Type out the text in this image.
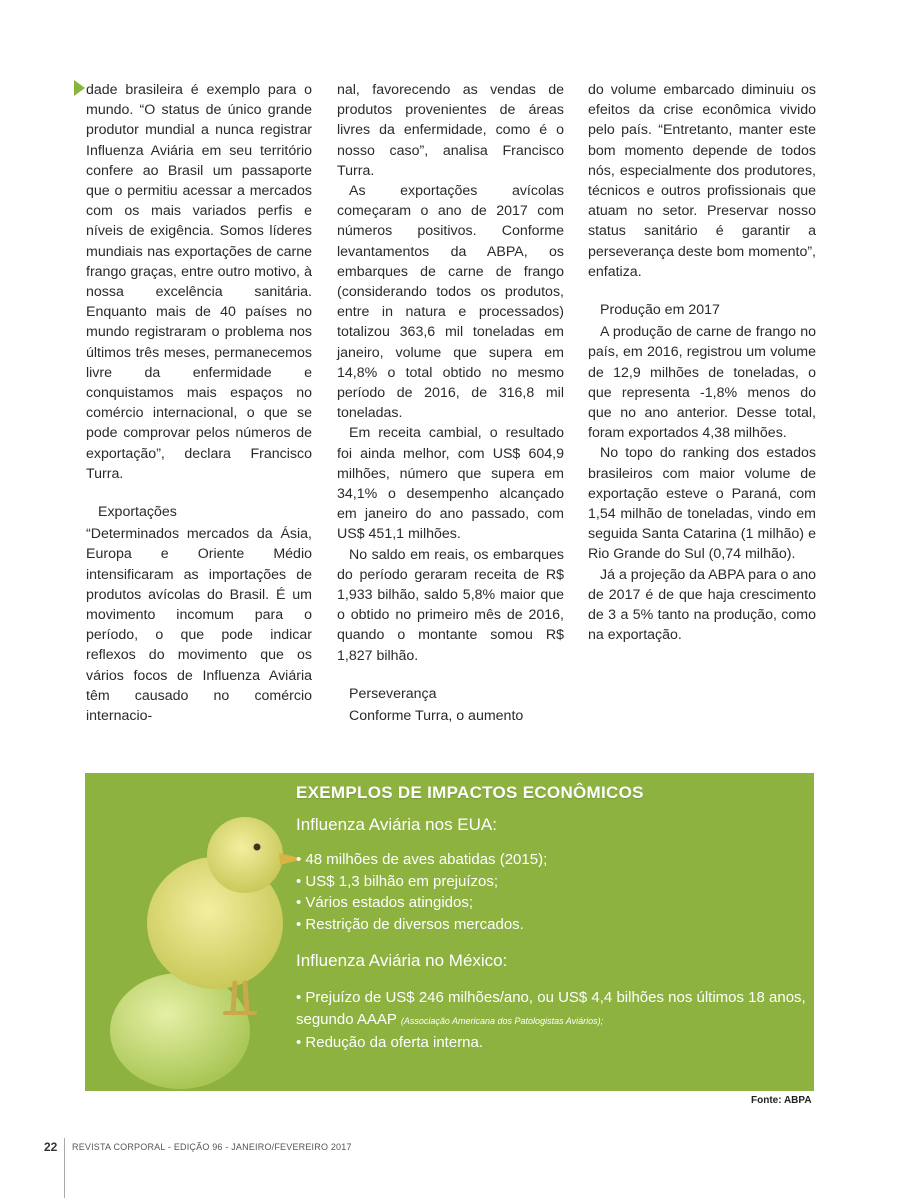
dade brasileira é exemplo para o mundo. “O status de único grande produtor mundial a nunca registrar Influenza Aviária em seu território confere ao Brasil um passaporte que o permitiu acessar a mercados com os mais variados perfis e níveis de exigência. Somos líderes mundiais nas exportações de carne frango graças, entre outro motivo, à nossa excelência sanitária. Enquanto mais de 40 países no mundo registraram o problema nos últimos três meses, permanecemos livre da enfermidade e conquistamos mais espaços no comércio internacional, o que se pode comprovar pelos números de exportação”, declara Francisco Turra.

Exportações

“Determinados mercados da Ásia, Europa e Oriente Médio intensificaram as importações de produtos avícolas do Brasil. É um movimento incomum para o período, o que pode indicar reflexos do movimento que os vários focos de Influenza Aviária têm causado no comércio internacio-

nal, favorecendo as vendas de produtos provenientes de áreas livres da enfermidade, como é o nosso caso”, analisa Francisco Turra.

As exportações avícolas começaram o ano de 2017 com números positivos. Conforme levantamentos da ABPA, os embarques de carne de frango (considerando todos os produtos, entre in natura e processados) totalizou 363,6 mil toneladas em janeiro, volume que supera em 14,8% o total obtido no mesmo período de 2016, de 316,8 mil toneladas.

Em receita cambial, o resultado foi ainda melhor, com US$ 604,9 milhões, número que supera em 34,1% o desempenho alcançado em janeiro do ano passado, com US$ 451,1 milhões.

No saldo em reais, os embarques do período geraram receita de R$ 1,933 bilhão, saldo 5,8% maior que o obtido no primeiro mês de 2016, quando o montante somou R$ 1,827 bilhão.

Perseverança

Conforme Turra, o aumento

do volume embarcado diminuiu os efeitos da crise econômica vivido pelo país. “Entretanto, manter este bom momento depende de todos nós, especialmente dos produtores, técnicos e outros profissionais que atuam no setor. Preservar nosso status sanitário é garantir a perseverança deste bom momento”, enfatiza.

Produção em 2017

A produção de carne de frango no país, em 2016, registrou um volume de 12,9 milhões de toneladas, o que representa -1,8% menos do que no ano anterior. Desse total, foram exportados 4,38 milhões.

No topo do ranking dos estados brasileiros com maior volume de exportação esteve o Paraná, com 1,54 milhão de toneladas, vindo em seguida Santa Catarina (1 milhão) e Rio Grande do Sul (0,74 milhão).

Já a projeção da ABPA para o ano de 2017 é de que haja crescimento de 3 a 5% tanto na produção, como na exportação.

EXEMPLOS DE IMPACTOS ECONÔMICOS
Influenza Aviária nos EUA:
• 48 milhões de aves abatidas (2015);
• US$ 1,3 bilhão em prejuízos;
• Vários estados atingidos;
• Restrição de diversos mercados.
Influenza Aviária no México:
• Prejuízo de US$ 246 milhões/ano, ou US$ 4,4 bilhões nos últimos 18 anos, segundo AAAP (Associação Americana dos Patologistas Aviários);
• Redução da oferta interna.
Fonte: ABPA
22 REVISTA CORPORAL - EDIÇÃO 96 - JANEIRO/FEVEREIRO 2017
